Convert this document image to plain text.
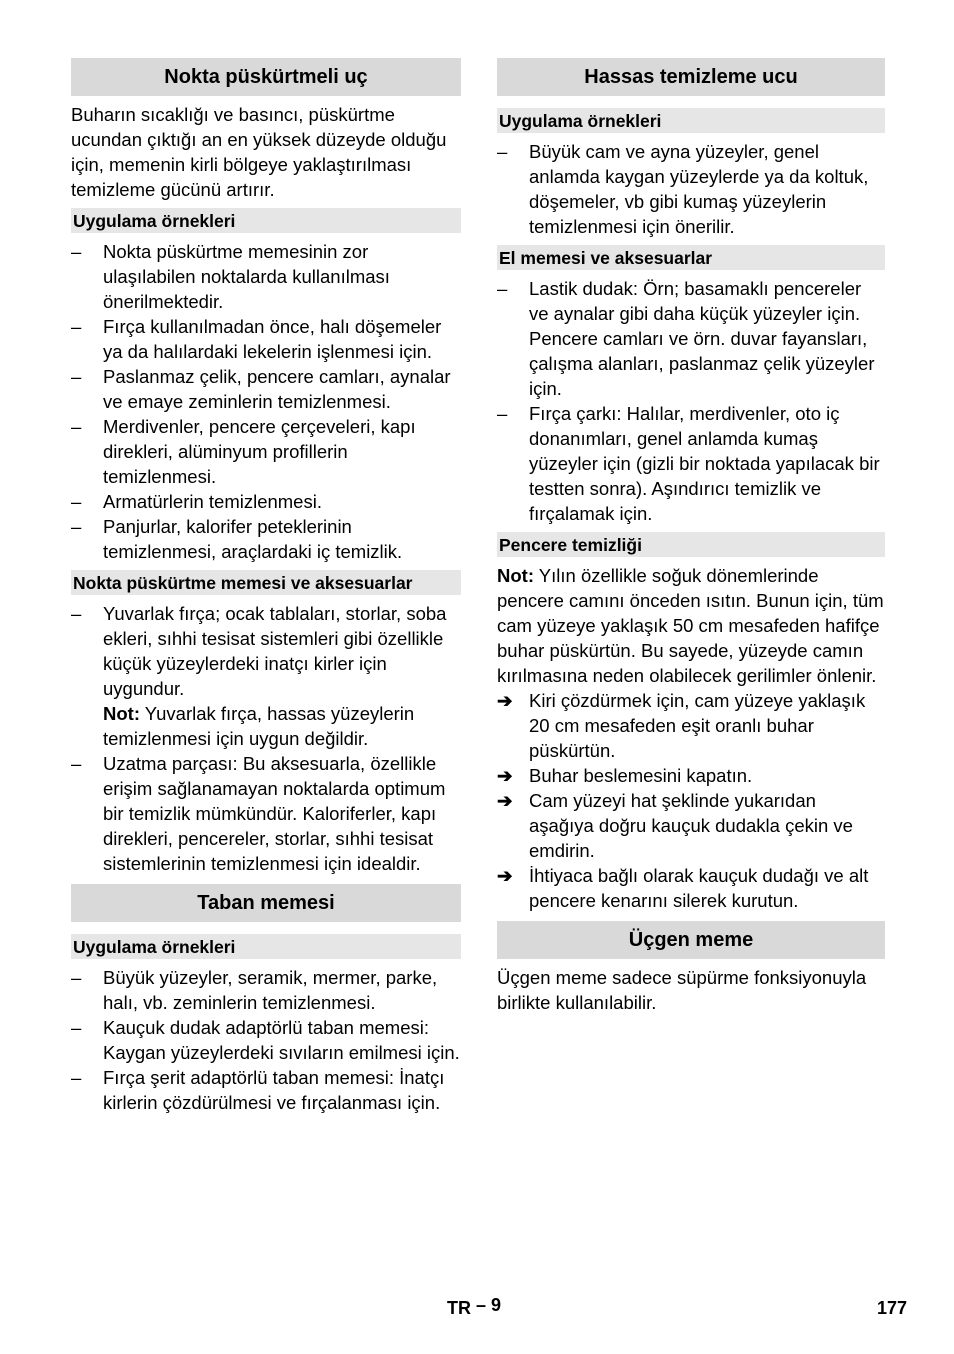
Nokta püskürtmeli uç

Buharın sıcaklığı ve basıncı, püskürtme ucundan çıktığı an en yüksek düzeyde olduğu için, memenin kirli bölgeye yaklaştırılması temizleme gücünü artırır.

Uygulama örnekleri
–	Nokta püskürtme memesinin zor ulaşılabilen noktalarda kullanılması önerilmektedir.
–	Fırça kullanılmadan önce, halı döşemeler ya da halılardaki lekelerin işlenmesi için.
–	Paslanmaz çelik, pencere camları, aynalar ve emaye zeminlerin temizlenmesi.
–	Merdivenler, pencere çerçeveleri, kapı direkleri, alüminyum profillerin temizlenmesi.
–	Armatürlerin temizlenmesi.
–	Panjurlar, kalorifer peteklerinin temizlenmesi, araçlardaki iç temizlik.
Nokta püskürtme memesi ve aksesuarlar
–	Yuvarlak fırça; ocak tablaları, storlar, soba ekleri, sıhhi tesisat sistemleri gibi özellikle küçük yüzeylerdeki inatçı kirler için uygundur.
Not: Yuvarlak fırça, hassas yüzeylerin temizlenmesi için uygun değildir.
–	Uzatma parçası: Bu aksesuarla, özellikle erişim sağlanamayan noktalarda optimum bir temizlik mümkündür. Kaloriferler, kapı direkleri, pencereler, storlar, sıhhi tesisat sistemlerinin temizlenmesi için idealdir.
Taban memesi
Uygulama örnekleri
–	Büyük yüzeyler, seramik, mermer, parke, halı, vb. zeminlerin temizlenmesi.
–	Kauçuk dudak adaptörlü taban memesi: Kaygan yüzeylerdeki sıvıların emilmesi için.
–	Fırça şerit adaptörlü taban memesi: İnatçı kirlerin çözdürülmesi ve fırçalanması için.
Hassas temizleme ucu
Uygulama örnekleri
–	Büyük cam ve ayna yüzeyler, genel anlamda kaygan yüzeylerde ya da koltuk, döşemeler, vb gibi kumaş yüzeylerin temizlenmesi için önerilir.
El memesi ve aksesuarlar
–	Lastik dudak: Örn; basamaklı pencereler ve aynalar gibi daha küçük yüzeyler için. Pencere camları ve örn. duvar fayansları, çalışma alanları, paslanmaz çelik yüzeyler için.
–	Fırça çarkı: Halılar, merdivenler, oto iç donanımları, genel anlamda kumaş yüzeyler için (gizli bir noktada yapılacak bir testten sonra). Aşındırıcı temizlik ve fırçalamak için.
Pencere temizliği

Not: Yılın özellikle soğuk dönemlerinde pencere camını önceden ısıtın. Bunun için, tüm cam yüzeye yaklaşık 50 cm mesafeden hafifçe buhar püskürtün. Bu sayede, yüzeyde camın kırılmasına neden olabilecek gerilimler önlenir.

➔ Kiri çözdürmek için, cam yüzeye yaklaşık 20 cm mesafeden eşit oranlı buhar püskürtün.
➔ Buhar beslemesini kapatın.
➔ Cam yüzeyi hat şeklinde yukarıdan aşağıya doğru kauçuk dudakla çekin ve emdirin.
➔ İhtiyaca bağlı olarak kauçuk dudağı ve alt pencere kenarını silerek kurutun.
Üçgen meme

Üçgen meme sadece süpürme fonksiyonuyla birlikte kullanılabilir.

TR – 9	177
